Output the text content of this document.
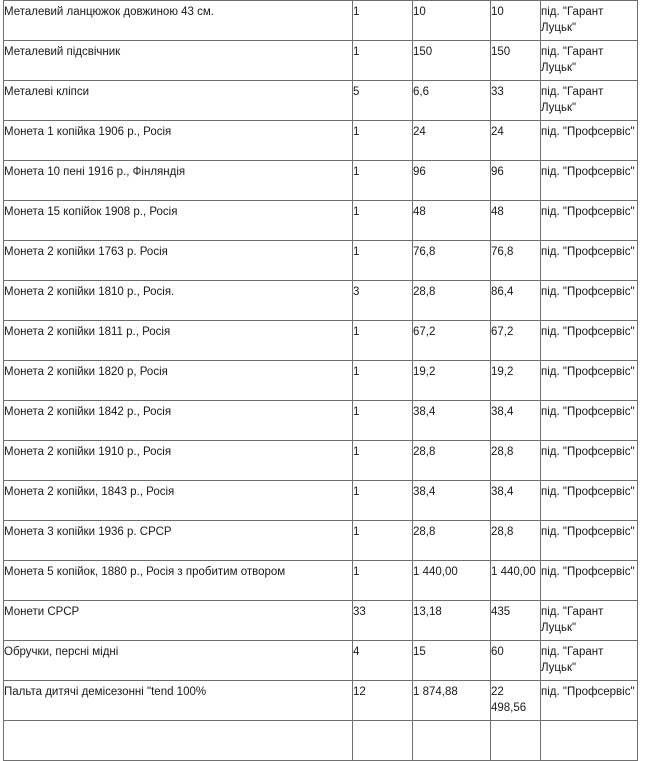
Металевий ланцюжок довжиною 43 см.	1	10	10	під. "Гарант Луцьк"
Металевий підсвічник	1	150	150	під. "Гарант Луцьк"
Металеві кліпси	5	6,6	33	під. "Гарант Луцьк"
Монета 1 копійка 1906 р., Росія	1	24	24	під. "Профсервіс"
Монета 10 пені 1916 р., Фінляндія	1	96	96	під. "Профсервіс"
Монета 15 копійок 1908 р., Росія	1	48	48	під. "Профсервіс"
Монета 2 копійки 1763 р. Росія	1	76,8	76,8	під. "Профсервіс"
Монета 2 копійки 1810 р., Росія.	3	28,8	86,4	під. "Профсервіс"
Монета 2 копійки 1811 р., Росія	1	67,2	67,2	під. "Профсервіс"
Монета 2 копійки 1820 р, Росія	1	19,2	19,2	під. "Профсервіс"
Монета 2 копійки 1842 р., Росія	1	38,4	38,4	під. "Профсервіс"
Монета 2 копійки 1910 р., Росія	1	28,8	28,8	під. "Профсервіс"
Монета 2 копійки, 1843 р., Росія	1	38,4	38,4	під. "Профсервіс"
Монета 3 копійки 1936 р. СРСР	1	28,8	28,8	під. "Профсервіс"
Монета 5 копійок, 1880 р., Росія з пробитим отвором	1	1 440,00	1 440,00	під. "Профсервіс"
Монети СРСР	33	13,18	435	під. "Гарант Луцьк"
Обручки, персні мідні	4	15	60	під. "Гарант Луцьк"
Пальта дитячі демісезонні "tend 100%	12	1 874,88	22 498,56	під. "Профсервіс"
